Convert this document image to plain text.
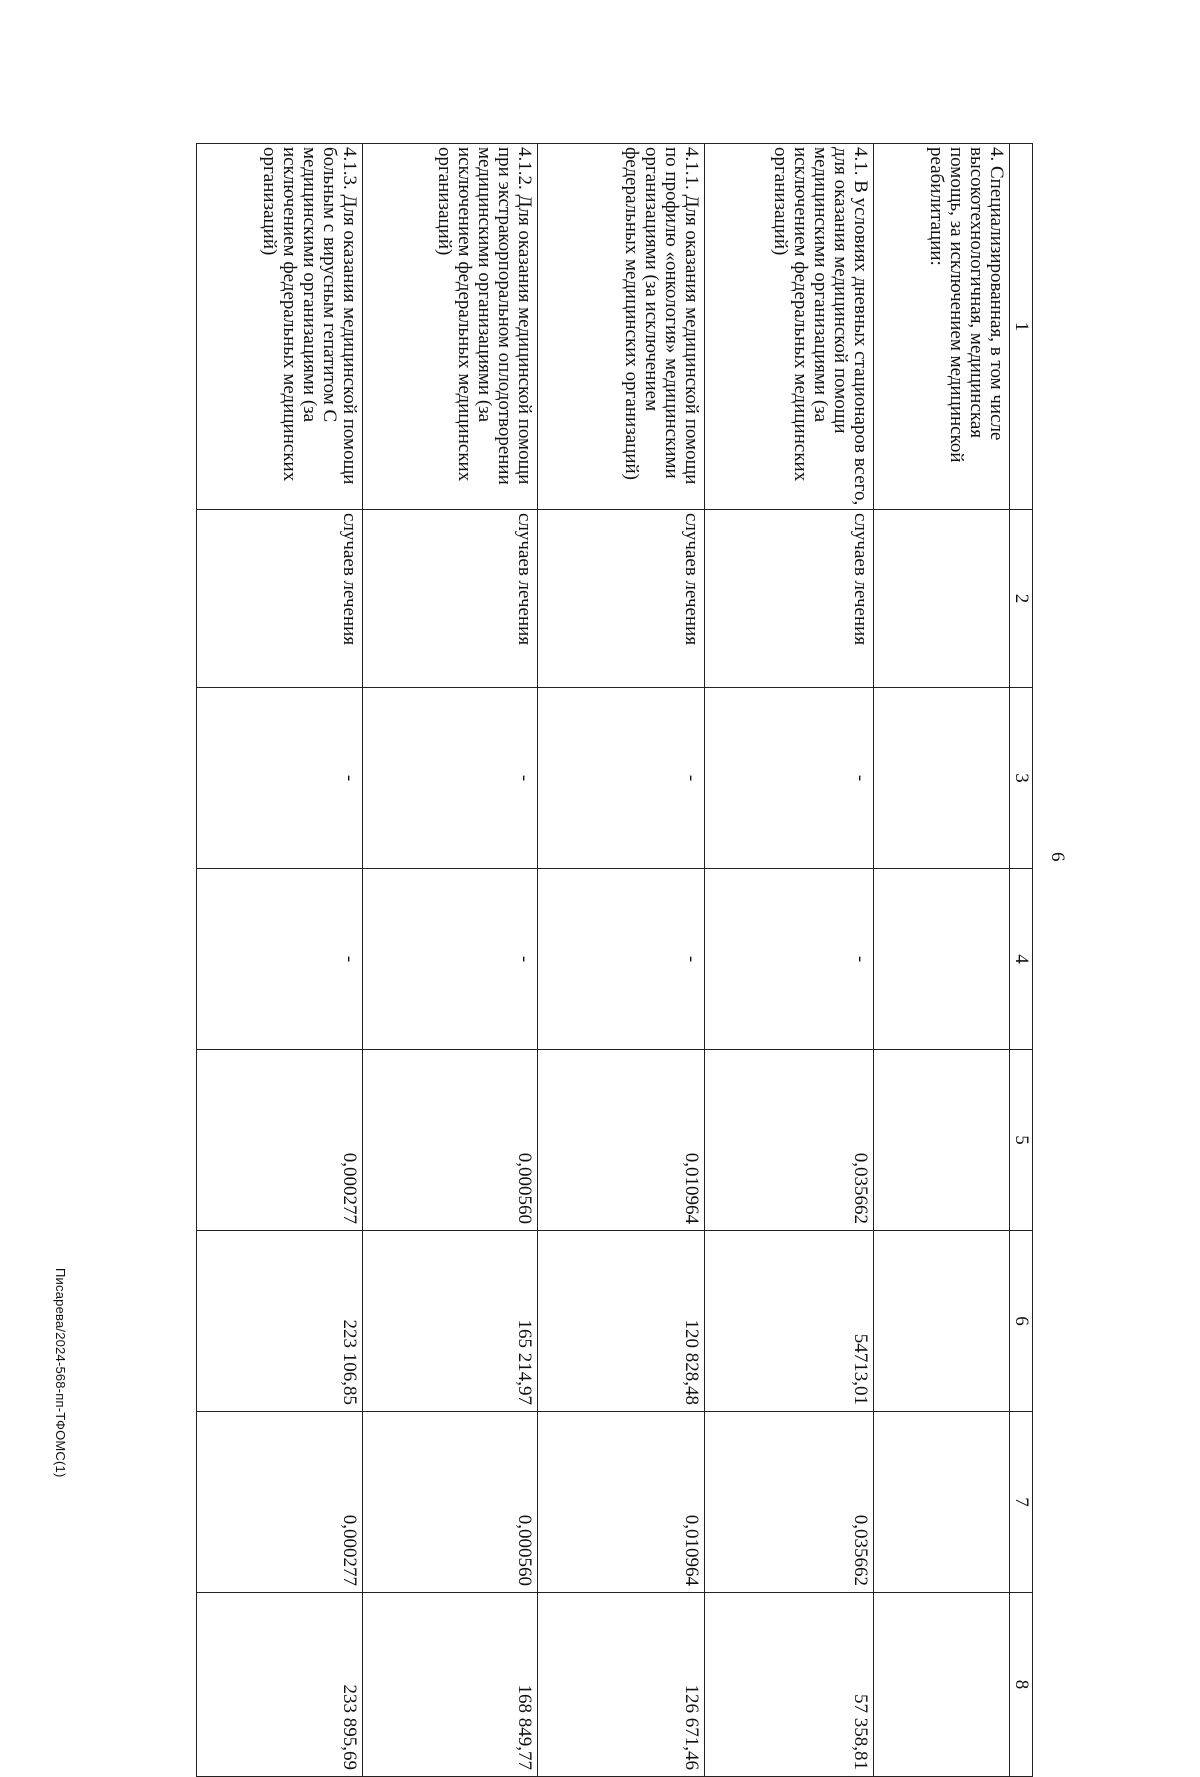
6
1	2	3	4	5	6	7	8
4. Специализированная, в том числе высокотехнологичная, медицинская помощь, за исключением медицинской реабилитации:							
4.1. В условиях дневных стационаров всего, для оказания медицинской помощи медицинскими организациями (за исключением федеральных медицинских организаций)	случаев лечения	-	-	0,035662	54713,01	0,035662	57 358,81
4.1.1. Для оказания медицинской помощи по профилю «онкология» медицинскими организациями (за исключением федеральных медицинских организаций)	случаев лечения	-	-	0,010964	120 828,48	0,010964	126 671,46
4.1.2. Для оказания медицинской помощи при экстракорпоральном оплодотворении медицинскими организациями (за исключением федеральных медицинских организаций)	случаев лечения	-	-	0,000560	165 214,97	0,000560	168 849,77
4.1.3. Для оказания медицинской помощи больным с вирусным гепатитом С медицинскими организациями (за исключением федеральных медицинских организаций)	случаев лечения	-	-	0,000277	223 106,85	0,000277	233 895,69
Писарева/2024-568-пп-ТФОМС(1)
